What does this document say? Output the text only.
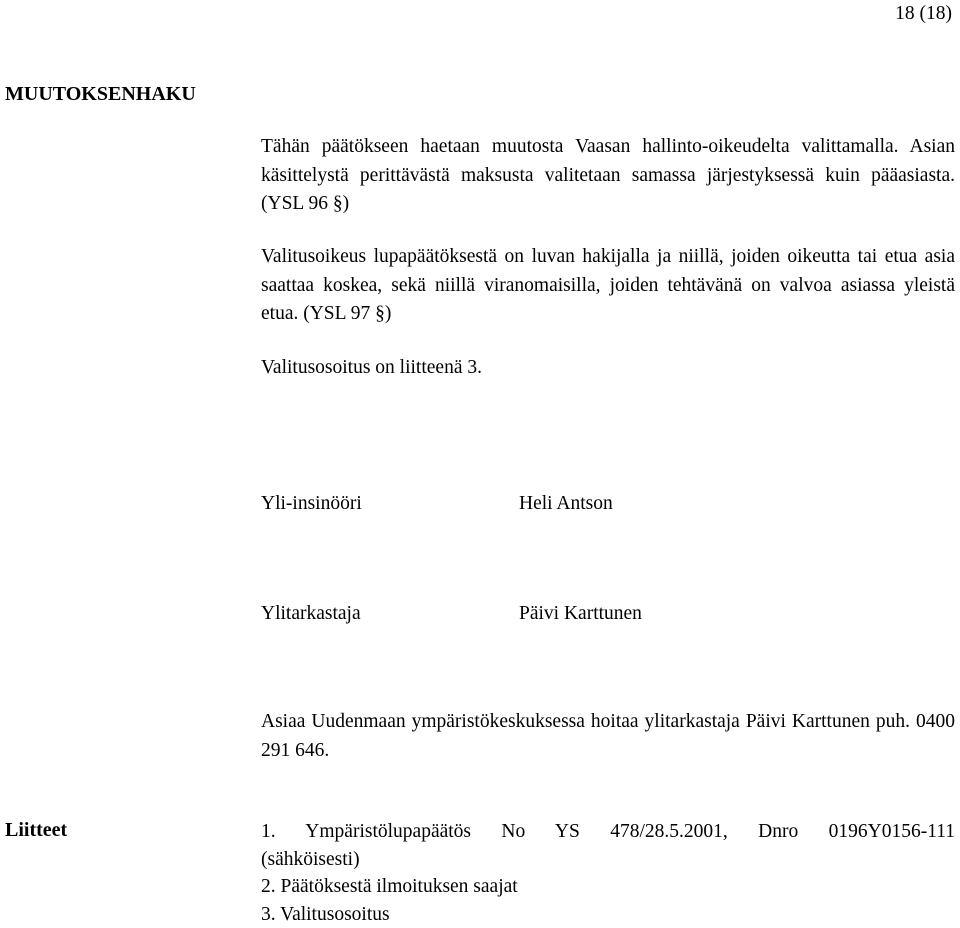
18 (18)
MUUTOKSENHAKU

Tähän päätökseen haetaan muutosta Vaasan hallinto-oikeudelta valittamalla. Asian käsittelystä perittävästä maksusta valitetaan samassa järjestyksessä kuin pääasiasta. (YSL 96 §)

Valitusoikeus lupapäätöksestä on luvan hakijalla ja niillä, joiden oikeutta tai etua asia saattaa koskea, sekä niillä viranomaisilla, joiden tehtävänä on valvoa asiassa yleistä etua. (YSL 97 §)

Valitusosoitus on liitteenä 3.

Yli-insinööri	Heli Antson
Ylitarkastaja	Päivi Karttunen

Asiaa Uudenmaan ympäristökeskuksessa hoitaa ylitarkastaja Päivi Karttunen puh. 0400 291 646.

Liitteet	1. Ympäristölupapäätös No YS 478/28.5.2001, Dnro 0196Y0156-111
(sähköisesti)
2. Päätöksestä ilmoituksen saajat
3. Valitusosoitus
